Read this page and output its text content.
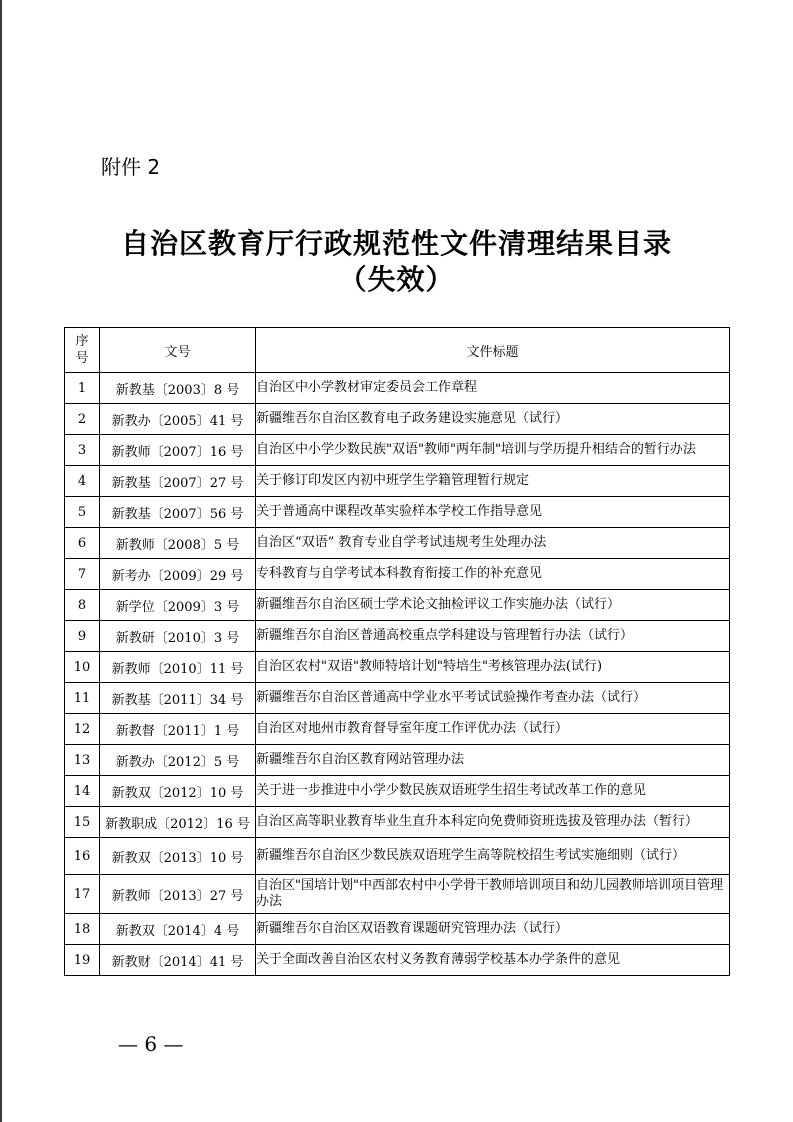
附件 2
自治区教育厅行政规范性文件清理结果目录
（失效）
序
号	文号	文件标题
1	新教基〔2003〕8 号	自治区中小学教材审定委员会工作章程
2	新教办〔2005〕41 号	新疆维吾尔自治区教育电子政务建设实施意见（试行）
3	新教师〔2007〕16 号	自治区中小学少数民族"双语"教师"两年制"培训与学历提升相结合的暂行办法
4	新教基〔2007〕27 号	关于修订印发区内初中班学生学籍管理暂行规定
5	新教基〔2007〕56 号	关于普通高中课程改革实验样本学校工作指导意见
6	新教师〔2008〕5 号	自治区“双语” 教育专业自学考试违规考生处理办法
7	新考办〔2009〕29 号	专科教育与自学考试本科教育衔接工作的补充意见
8	新学位〔2009〕3 号	新疆维吾尔自治区硕士学术论文抽检评议工作实施办法（试行）
9	新教研〔2010〕3 号	新疆维吾尔自治区普通高校重点学科建设与管理暂行办法（试行）
10	新教师〔2010〕11 号	自治区农村"双语"教师特培计划"特培生"考核管理办法(试行)
11	新教基〔2011〕34 号	新疆维吾尔自治区普通高中学业水平考试试验操作考查办法（试行）
12	新教督〔2011〕1 号	自治区对地州市教育督导室年度工作评优办法（试行）
13	新教办〔2012〕5 号	新疆维吾尔自治区教育网站管理办法
14	新教双〔2012〕10 号	关于进一步推进中小学少数民族双语班学生招生考试改革工作的意见
15	新教职成〔2012〕16 号	自治区高等职业教育毕业生直升本科定向免费师资班选拔及管理办法（暂行）
16	新教双〔2013〕10 号	新疆维吾尔自治区少数民族双语班学生高等院校招生考试实施细则（试行）
17	新教师〔2013〕27 号	自治区"国培计划"中西部农村中小学骨干教师培训项目和幼儿园教师培训项目管理办法
18	新教双〔2014〕4 号	新疆维吾尔自治区双语教育课题研究管理办法（试行）
19	新教财〔2014〕41 号	关于全面改善自治区农村义务教育薄弱学校基本办学条件的意见
— 6 —
